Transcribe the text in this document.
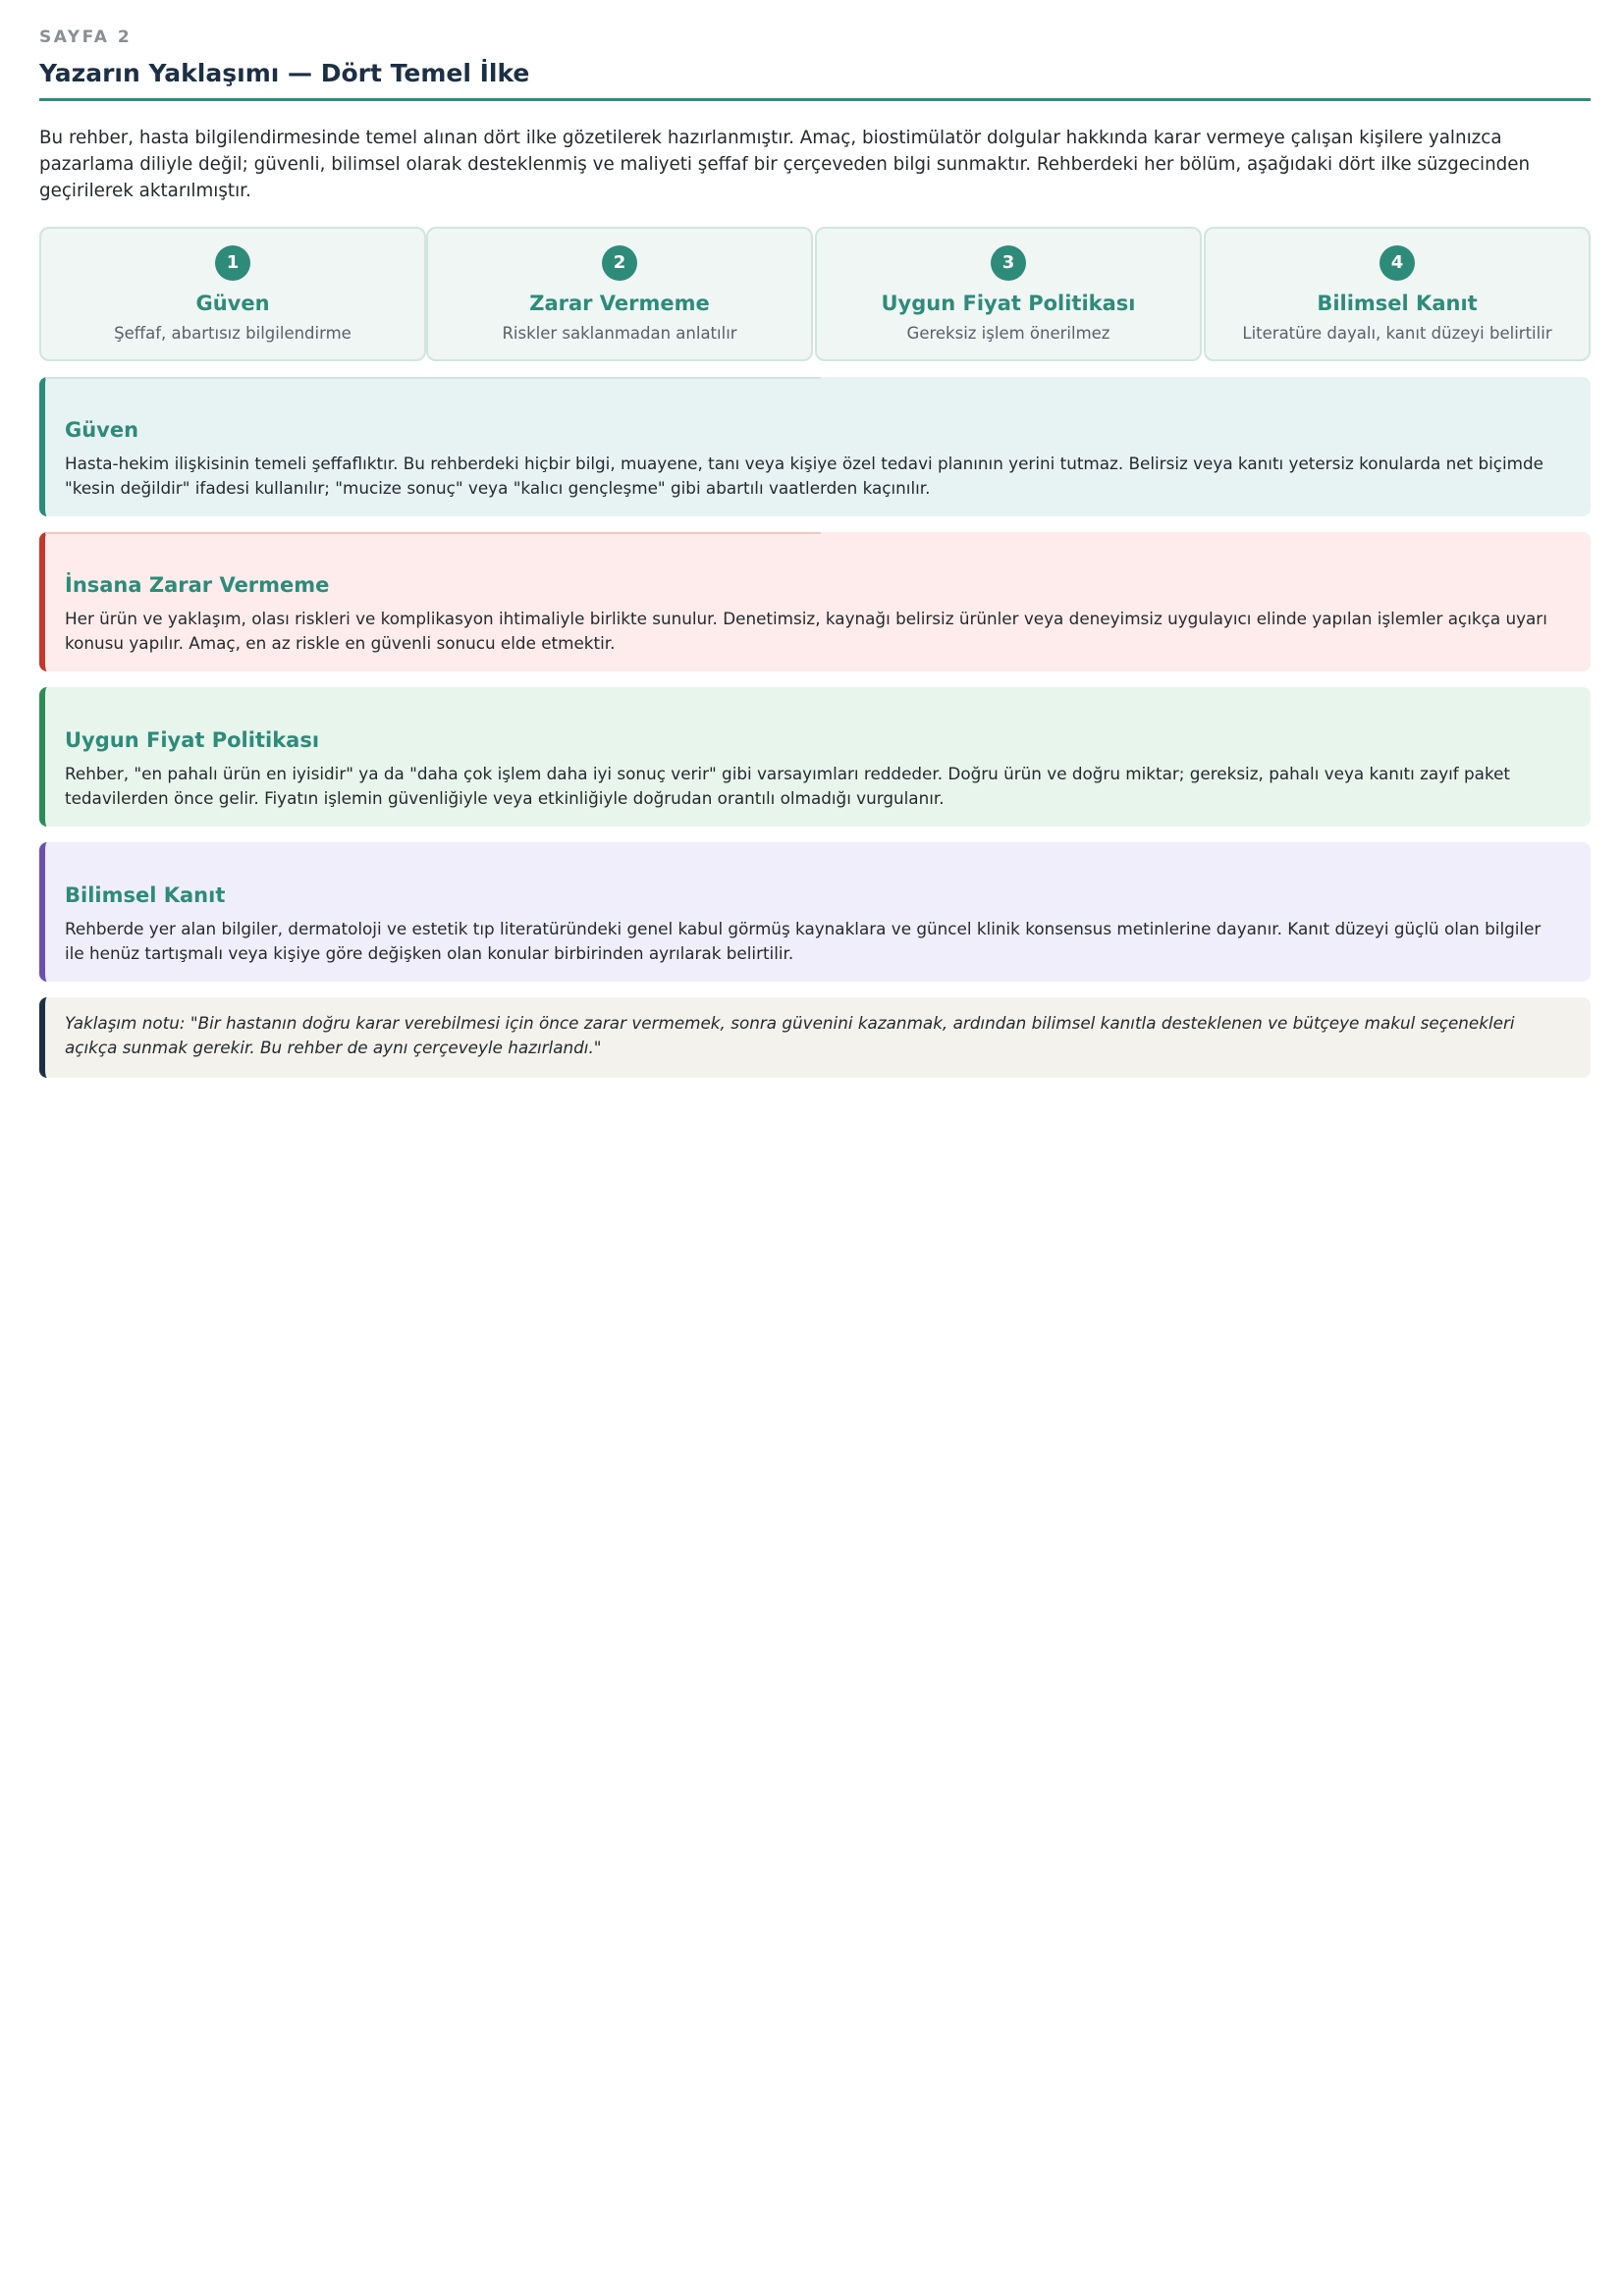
SAYFA 2
Yazarın Yaklaşımı — Dört Temel İlke

Bu rehber, hasta bilgilendirmesinde temel alınan dört ilke gözetilerek hazırlanmıştır. Amaç, biostimülatör dolgular hakkında karar vermeye çalışan kişilere yalnızca pazarlama diliyle değil; güvenli, bilimsel olarak desteklenmiş ve maliyeti şeffaf bir çerçeveden bilgi sunmaktır. Rehberdeki her bölüm, aşağıdaki dört ilke süzgecinden geçirilerek aktarılmıştır.

1
Güven
Şeffaf, abartısız bilgilendirme
2
Zarar Vermeme
Riskler saklanmadan anlatılır
3
Uygun Fiyat Politikası
Gereksiz işlem önerilmez
4
Bilimsel Kanıt
Literatüre dayalı, kanıt düzeyi belirtilir
Güven

Hasta-hekim ilişkisinin temeli şeffaflıktır. Bu rehberdeki hiçbir bilgi, muayene, tanı veya kişiye özel tedavi planının yerini tutmaz. Belirsiz veya kanıtı yetersiz konularda net biçimde "kesin değildir" ifadesi kullanılır; "mucize sonuç" veya "kalıcı gençleşme" gibi abartılı vaatlerden kaçınılır.

İnsana Zarar Vermeme

Her ürün ve yaklaşım, olası riskleri ve komplikasyon ihtimaliyle birlikte sunulur. Denetimsiz, kaynağı belirsiz ürünler veya deneyimsiz uygulayıcı elinde yapılan işlemler açıkça uyarı konusu yapılır. Amaç, en az riskle en güvenli sonucu elde etmektir.

Uygun Fiyat Politikası

Rehber, "en pahalı ürün en iyisidir" ya da "daha çok işlem daha iyi sonuç verir" gibi varsayımları reddeder. Doğru ürün ve doğru miktar; gereksiz, pahalı veya kanıtı zayıf paket tedavilerden önce gelir. Fiyatın işlemin güvenliğiyle veya etkinliğiyle doğrudan orantılı olmadığı vurgulanır.

Bilimsel Kanıt

Rehberde yer alan bilgiler, dermatoloji ve estetik tıp literatüründeki genel kabul görmüş kaynaklara ve güncel klinik konsensus metinlerine dayanır. Kanıt düzeyi güçlü olan bilgiler ile henüz tartışmalı veya kişiye göre değişken olan konular birbirinden ayrılarak belirtilir.

Yaklaşım notu: "Bir hastanın doğru karar verebilmesi için önce zarar vermemek, sonra güvenini kazanmak, ardından bilimsel kanıtla desteklenen ve bütçeye makul seçenekleri açıkça sunmak gerekir. Bu rehber de aynı çerçeveyle hazırlandı."
